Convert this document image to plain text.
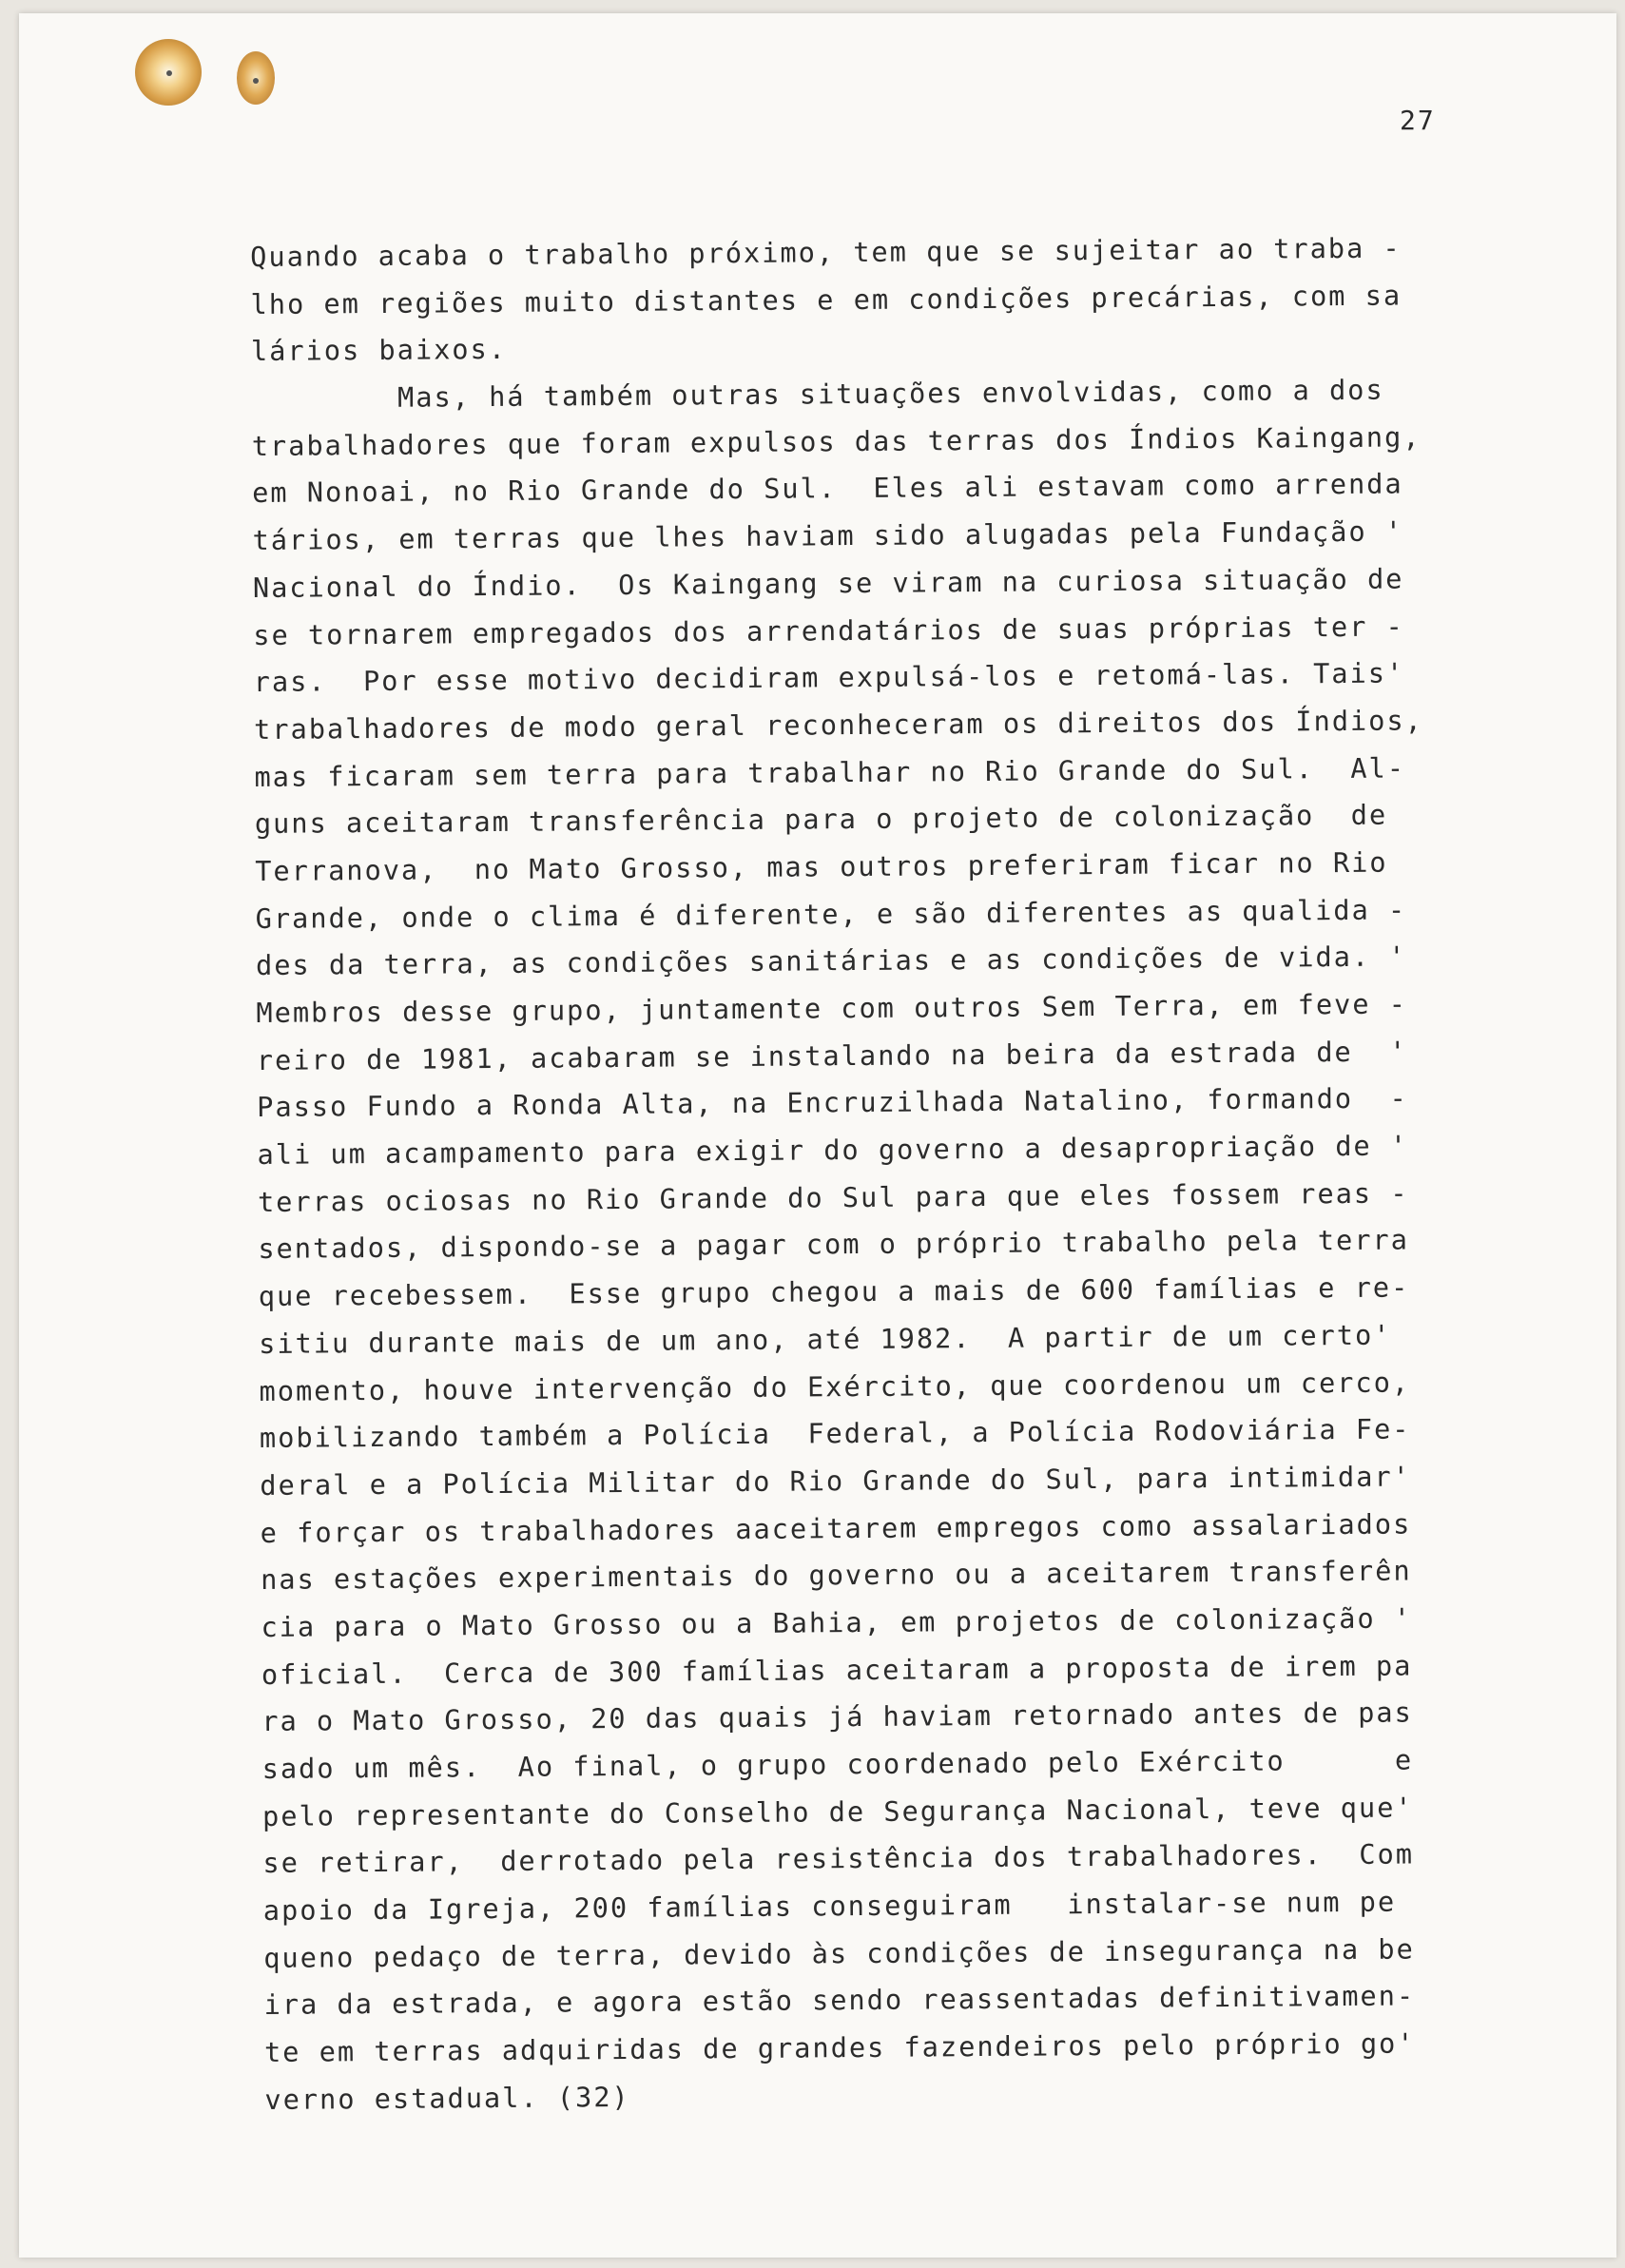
27
Quando acaba o trabalho próximo, tem que se sujeitar ao traba -
lho em regiões muito distantes e em condições precárias, com sa
lários baixos.
Mas, há também outras situações envolvidas, como a dos
trabalhadores que foram expulsos das terras dos Índios Kaingang,
em Nonoai, no Rio Grande do Sul.  Eles ali estavam como arrenda
tários, em terras que lhes haviam sido alugadas pela Fundação '
Nacional do Índio.  Os Kaingang se viram na curiosa situação de
se tornarem empregados dos arrendatários de suas próprias ter -
ras.  Por esse motivo decidiram expulsá-los e retomá-las. Tais'
trabalhadores de modo geral reconheceram os direitos dos Índios,
mas ficaram sem terra para trabalhar no Rio Grande do Sul.  Al-
guns aceitaram transferência para o projeto de colonização  de
Terranova,  no Mato Grosso, mas outros preferiram ficar no Rio
Grande, onde o clima é diferente, e são diferentes as qualida -
des da terra, as condições sanitárias e as condições de vida. '
Membros desse grupo, juntamente com outros Sem Terra, em feve -
reiro de 1981, acabaram se instalando na beira da estrada de  '
Passo Fundo a Ronda Alta, na Encruzilhada Natalino, formando  -
ali um acampamento para exigir do governo a desapropriação de '
terras ociosas no Rio Grande do Sul para que eles fossem reas -
sentados, dispondo-se a pagar com o próprio trabalho pela terra
que recebessem.  Esse grupo chegou a mais de 600 famílias e re-
sitiu durante mais de um ano, até 1982.  A partir de um certo'
momento, houve intervenção do Exército, que coordenou um cerco,
mobilizando também a Polícia  Federal, a Polícia Rodoviária Fe-
deral e a Polícia Militar do Rio Grande do Sul, para intimidar'
e forçar os trabalhadores aaceitarem empregos como assalariados
nas estações experimentais do governo ou a aceitarem transferên
cia para o Mato Grosso ou a Bahia, em projetos de colonização '
oficial.  Cerca de 300 famílias aceitaram a proposta de irem pa
ra o Mato Grosso, 20 das quais já haviam retornado antes de pas
sado um mês.  Ao final, o grupo coordenado pelo Exército      e
pelo representante do Conselho de Segurança Nacional, teve que'
se retirar,  derrotado pela resistência dos trabalhadores.  Com
apoio da Igreja, 200 famílias conseguiram   instalar-se num pe
queno pedaço de terra, devido às condições de insegurança na be
ira da estrada, e agora estão sendo reassentadas definitivamen-
te em terras adquiridas de grandes fazendeiros pelo próprio go'
verno estadual. (32)
